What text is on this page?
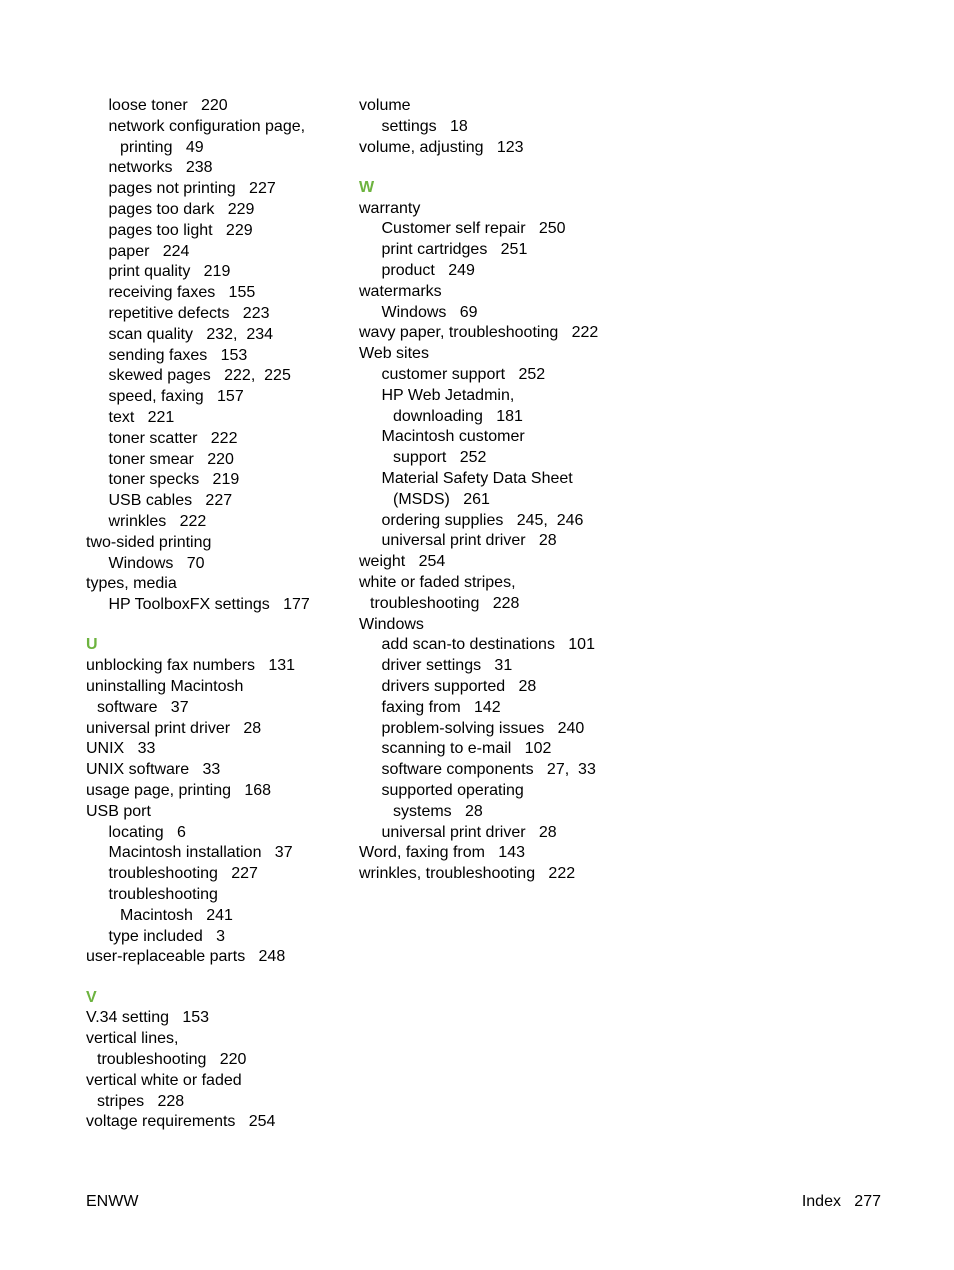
loose toner   220
network configuration page,
printing   49
networks   238
pages not printing   227
pages too dark   229
pages too light   229
paper   224
print quality   219
receiving faxes   155
repetitive defects   223
scan quality   232,  234
sending faxes   153
skewed pages   222,  225
speed, faxing   157
text   221
toner scatter   222
toner smear   220
toner specks   219
USB cables   227
wrinkles   222
two-sided printing
Windows   70
types, media
HP ToolboxFX settings   177
U
unblocking fax numbers   131
uninstalling Macintosh
software   37
universal print driver   28
UNIX   33
UNIX software   33
usage page, printing   168
USB port
locating   6
Macintosh installation   37
troubleshooting   227
troubleshooting
Macintosh   241
type included   3
user-replaceable parts   248
V
V.34 setting   153
vertical lines,
troubleshooting   220
vertical white or faded
stripes   228
voltage requirements   254
volume
settings   18
volume, adjusting   123
W
warranty
Customer self repair   250
print cartridges   251
product   249
watermarks
Windows   69
wavy paper, troubleshooting   222
Web sites
customer support   252
HP Web Jetadmin,
downloading   181
Macintosh customer
support   252
Material Safety Data Sheet
(MSDS)   261
ordering supplies   245,  246
universal print driver   28
weight   254
white or faded stripes,
troubleshooting   228
Windows
add scan-to destinations   101
driver settings   31
drivers supported   28
faxing from   142
problem-solving issues   240
scanning to e-mail   102
software components   27,  33
supported operating
systems   28
universal print driver   28
Word, faxing from   143
wrinkles, troubleshooting   222
ENWW	Index   277
